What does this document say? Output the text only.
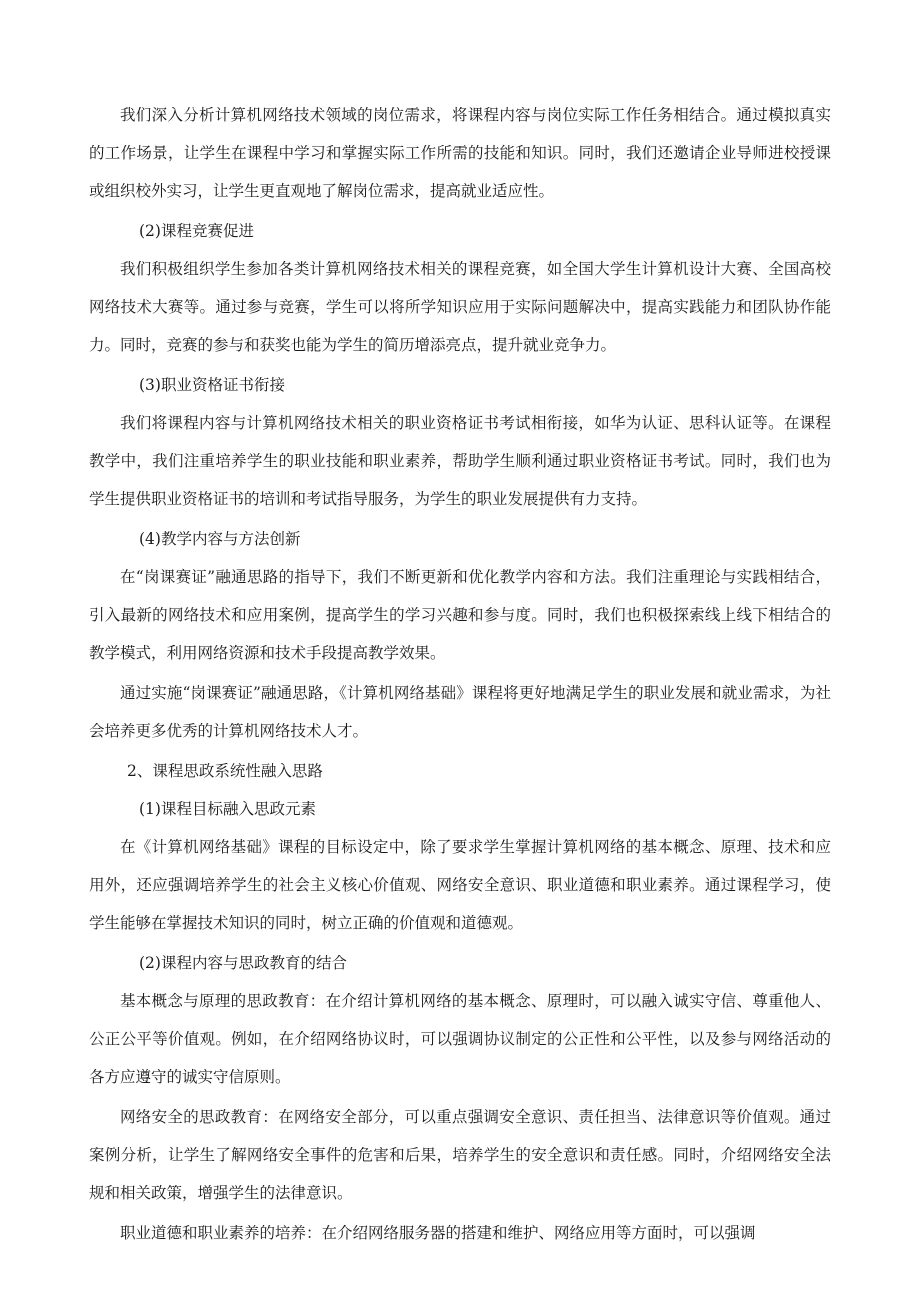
我们深入分析计算机网络技术领域的岗位需求，将课程内容与岗位实际工作任务相结合。通过模拟真实的工作场景，让学生在课程中学习和掌握实际工作所需的技能和知识。同时，我们还邀请企业导师进校授课或组织校外实习，让学生更直观地了解岗位需求，提高就业适应性。

(2)课程竞赛促进

我们积极组织学生参加各类计算机网络技术相关的课程竞赛，如全国大学生计算机设计大赛、全国高校网络技术大赛等。通过参与竞赛，学生可以将所学知识应用于实际问题解决中，提高实践能力和团队协作能力。同时，竞赛的参与和获奖也能为学生的简历增添亮点，提升就业竞争力。

(3)职业资格证书衔接

我们将课程内容与计算机网络技术相关的职业资格证书考试相衔接，如华为认证、思科认证等。在课程教学中，我们注重培养学生的职业技能和职业素养，帮助学生顺利通过职业资格证书考试。同时，我们也为学生提供职业资格证书的培训和考试指导服务，为学生的职业发展提供有力支持。

(4)教学内容与方法创新

在“岗课赛证”融通思路的指导下，我们不断更新和优化教学内容和方法。我们注重理论与实践相结合，引入最新的网络技术和应用案例，提高学生的学习兴趣和参与度。同时，我们也积极探索线上线下相结合的教学模式，利用网络资源和技术手段提高教学效果。

通过实施“岗课赛证”融通思路，《计算机网络基础》课程将更好地满足学生的职业发展和就业需求，为社会培养更多优秀的计算机网络技术人才。

2、课程思政系统性融入思路

(1)课程目标融入思政元素

在《计算机网络基础》课程的目标设定中，除了要求学生掌握计算机网络的基本概念、原理、技术和应用外，还应强调培养学生的社会主义核心价值观、网络安全意识、职业道德和职业素养。通过课程学习，使学生能够在掌握技术知识的同时，树立正确的价值观和道德观。

(2)课程内容与思政教育的结合

基本概念与原理的思政教育：在介绍计算机网络的基本概念、原理时，可以融入诚实守信、尊重他人、公正公平等价值观。例如，在介绍网络协议时，可以强调协议制定的公正性和公平性，以及参与网络活动的各方应遵守的诚实守信原则。

网络安全的思政教育：在网络安全部分，可以重点强调安全意识、责任担当、法律意识等价值观。通过案例分析，让学生了解网络安全事件的危害和后果，培养学生的安全意识和责任感。同时，介绍网络安全法规和相关政策，增强学生的法律意识。

职业道德和职业素养的培养：在介绍网络服务器的搭建和维护、网络应用等方面时，可以强调
